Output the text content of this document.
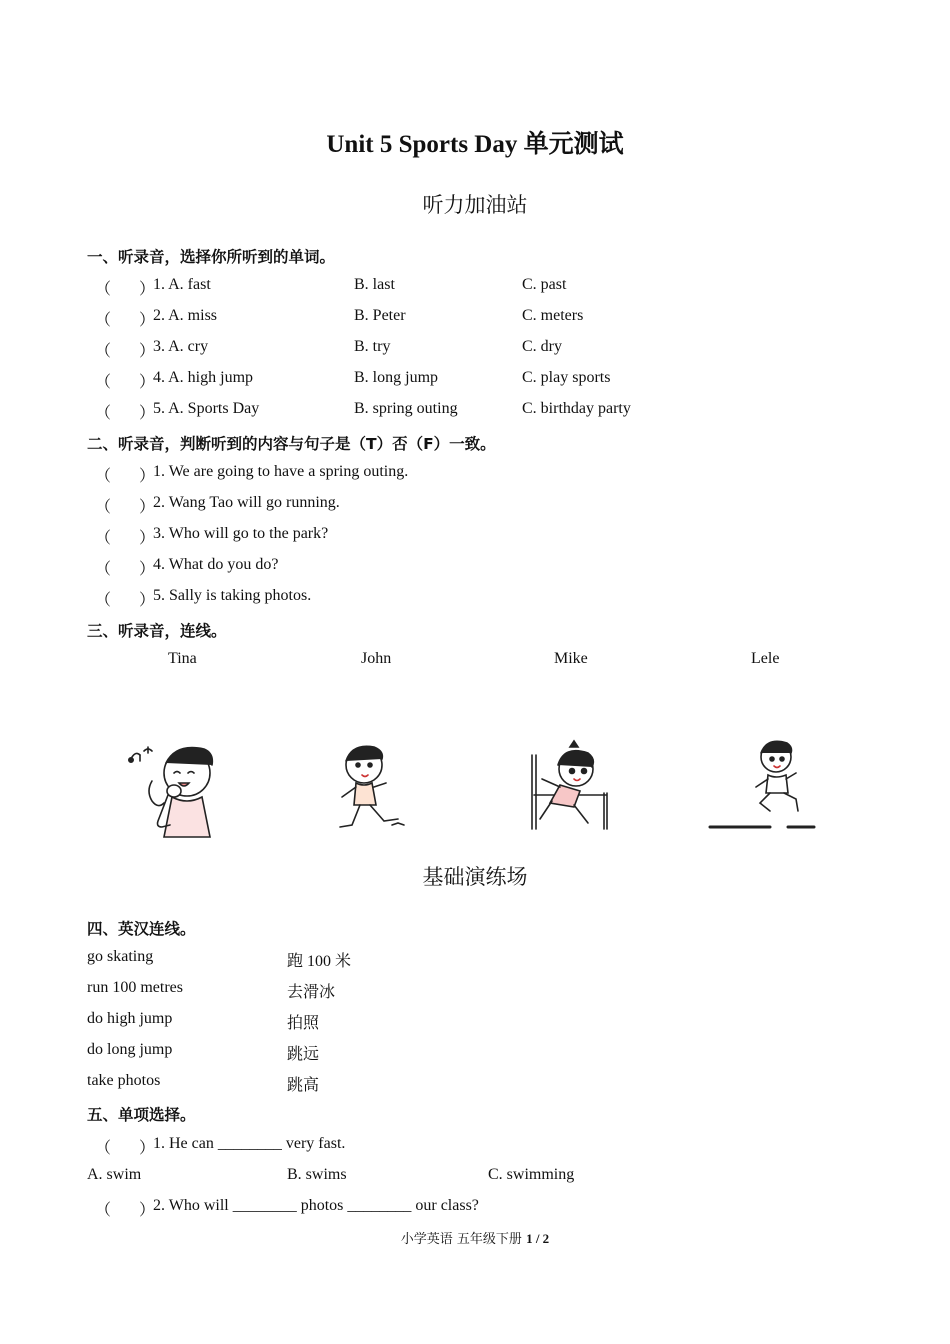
Unit 5 Sports Day 单元测试
听力加油站
一、听录音，选择你所听到的单词。
（ ）
1. A. fast	B. last	C. past
（ ）
2. A. miss	B. Peter	C. meters
（ ）
3. A. cry	B. try	C. dry
（ ）
4. A. high jump	B. long jump	C. play sports
（ ）
5. A. Sports Day	B. spring outing	C. birthday party
二、听录音，判断听到的内容与句子是（T）否（F）一致。
（ ）
1. We are going to have a spring outing.
（ ）
2. Wang Tao will go running.
（ ）
3. Who will go to the park?
（ ）
4. What do you do?
（ ）
5. Sally is taking photos.
三、听录音，连线。
Tina	John	Mike	Lele
基础演练场
四、英汉连线。
go skating	跑 100 米
run 100 metres	去滑冰
do high jump	拍照
do long jump	跳远
take photos	跳高
五、单项选择。
（ ）
1. He can ________ very fast.
A. swim	B. swims	C. swimming
（ ）
2. Who will ________ photos ________ our class?
小学英语 五年级下册 1 / 2
